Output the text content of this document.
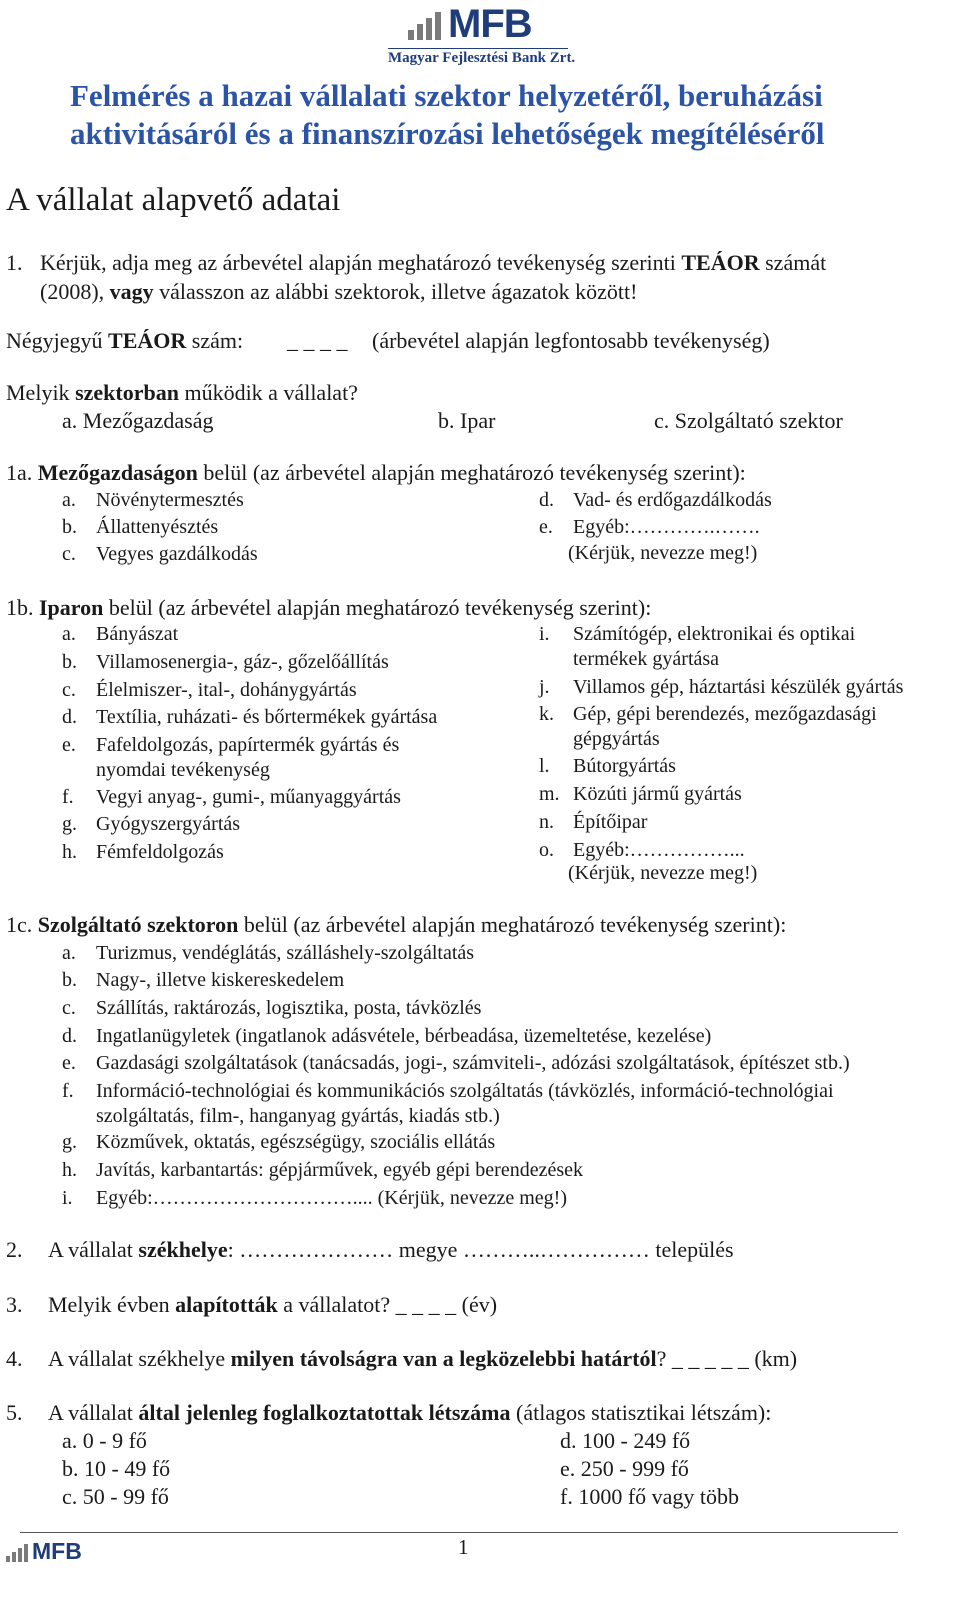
MFB
Magyar Fejlesztési Bank Zrt.
Felmérés a hazai vállalati szektor helyzetéről, beruházási
aktivitásáról és a finanszírozási lehetőségek megítéléséről
A vállalat alapvető adatai
1. Kérjük, adja meg az árbevétel alapján meghatározó tevékenység szerinti TEÁOR számát
(2008), vagy válasszon az alábbi szektorok, illetve ágazatok között!
Négyjegyű TEÁOR szám: _ _ _ _ (árbevétel alapján legfontosabb tevékenység)
Melyik szektorban működik a vállalat?
a. Mezőgazdaság	b. Ipar	c. Szolgáltató szektor
1a. Mezőgazdaságon belül (az árbevétel alapján meghatározó tevékenység szerint):
a. Növénytermesztés
b. Állattenyésztés
c. Vegyes gazdálkodás
d. Vad- és erdőgazdálkodás
e. Egyéb:………….…….
(Kérjük, nevezze meg!)
1b. Iparon belül (az árbevétel alapján meghatározó tevékenység szerint):
a. Bányászat
b. Villamosenergia-, gáz-, gőzelőállítás
c. Élelmiszer-, ital-, dohánygyártás
d. Textília, ruházati- és bőrtermékek gyártása
e. Fafeldolgozás, papírtermék gyártás és
nyomdai tevékenység
f. Vegyi anyag-, gumi-, műanyaggyártás
g. Gyógyszergyártás
h. Fémfeldolgozás
i. Számítógép, elektronikai és optikai
termékek gyártása
j. Villamos gép, háztartási készülék gyártás
k. Gép, gépi berendezés, mezőgazdasági
gépgyártás
l. Bútorgyártás
m. Közúti jármű gyártás
n. Építőipar
o. Egyéb:……………...
(Kérjük, nevezze meg!)
1c. Szolgáltató szektoron belül (az árbevétel alapján meghatározó tevékenység szerint):
a. Turizmus, vendéglátás, szálláshely-szolgáltatás
b. Nagy-, illetve kiskereskedelem
c. Szállítás, raktározás, logisztika, posta, távközlés
d. Ingatlanügyletek (ingatlanok adásvétele, bérbeadása, üzemeltetése, kezelése)
e. Gazdasági szolgáltatások (tanácsadás, jogi-, számviteli-, adózási szolgáltatások, építészet stb.)
f. Információ-technológiai és kommunikációs szolgáltatás (távközlés, információ-technológiai
szolgáltatás, film-, hanganyag gyártás, kiadás stb.)
g. Közművek, oktatás, egészségügy, szociális ellátás
h. Javítás, karbantartás: gépjárművek, egyéb gépi berendezések
i. Egyéb:………………………….... (Kérjük, nevezze meg!)
2. A vállalat székhelye: ………………… megye ………..…………… település
3. Melyik évben alapították a vállalatot? _ _ _ _ (év)
4. A vállalat székhelye milyen távolságra van a legközelebbi határtól? _ _ _ _ _ (km)
5. A vállalat által jelenleg foglalkoztatottak létszáma (átlagos statisztikai létszám):
a. 0 - 9 fő
b. 10 - 49 fő
c. 50 - 99 fő
d. 100 - 249 fő
e. 250 - 999 fő
f. 1000 fő vagy több
MFB	1
